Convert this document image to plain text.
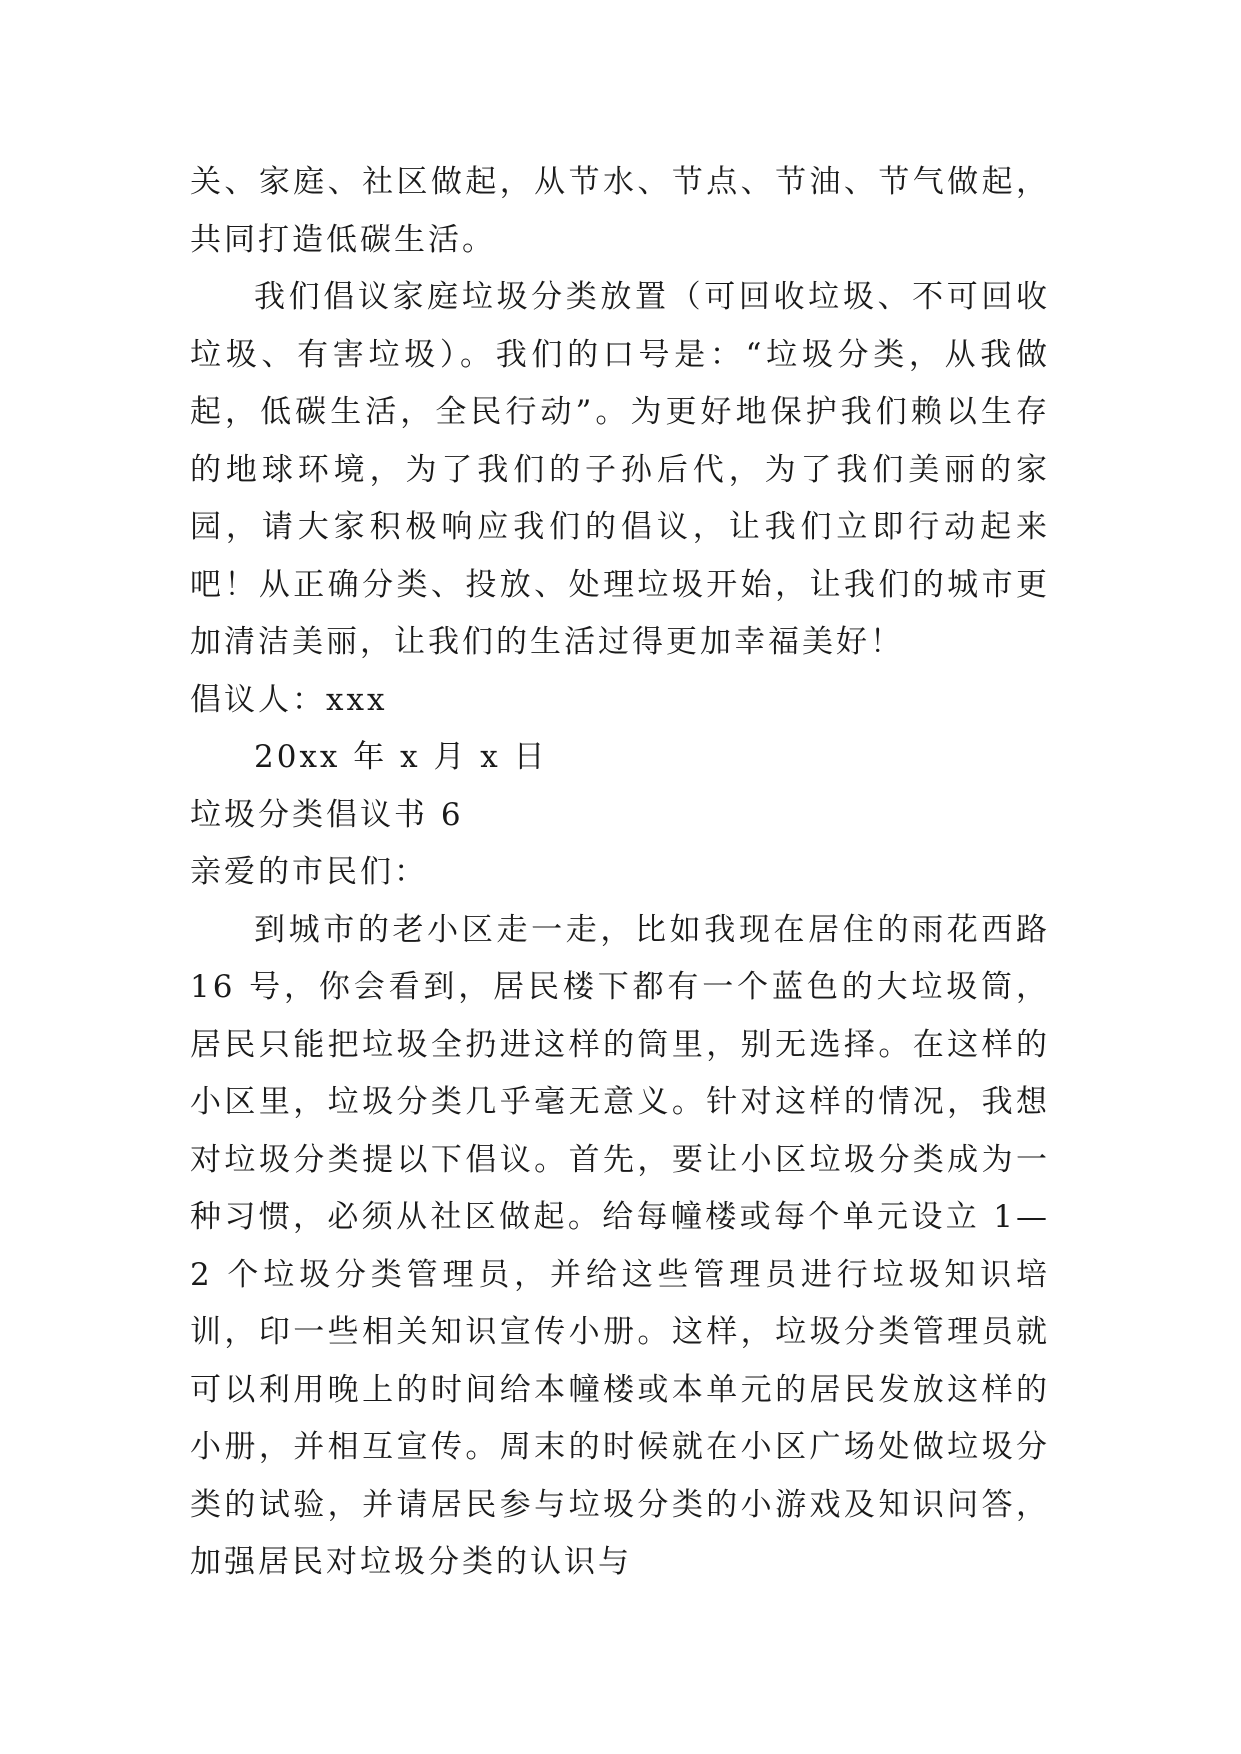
关、家庭、社区做起，从节水、节点、节油、节气做起，共同打造低碳生活。

我们倡议家庭垃圾分类放置（可回收垃圾、不可回收垃圾、有害垃圾）。我们的口号是：“垃圾分类，从我做起，低碳生活，全民行动”。为更好地保护我们赖以生存的地球环境，为了我们的子孙后代，为了我们美丽的家园，请大家积极响应我们的倡议，让我们立即行动起来吧！从正确分类、投放、处理垃圾开始，让我们的城市更加清洁美丽，让我们的生活过得更加幸福美好！

倡议人：xxx

20xx 年 x 月 x 日

垃圾分类倡议书 6

亲爱的市民们：

到城市的老小区走一走，比如我现在居住的雨花西路 16 号，你会看到，居民楼下都有一个蓝色的大垃圾筒，居民只能把垃圾全扔进这样的筒里，别无选择。在这样的小区里，垃圾分类几乎毫无意义。针对这样的情况，我想对垃圾分类提以下倡议。首先，要让小区垃圾分类成为一种习惯，必须从社区做起。给每幢楼或每个单元设立 1—2 个垃圾分类管理员，并给这些管理员进行垃圾知识培训，印一些相关知识宣传小册。这样，垃圾分类管理员就可以利用晚上的时间给本幢楼或本单元的居民发放这样的小册，并相互宣传。周末的时候就在小区广场处做垃圾分类的试验，并请居民参与垃圾分类的小游戏及知识问答，加强居民对垃圾分类的认识与
